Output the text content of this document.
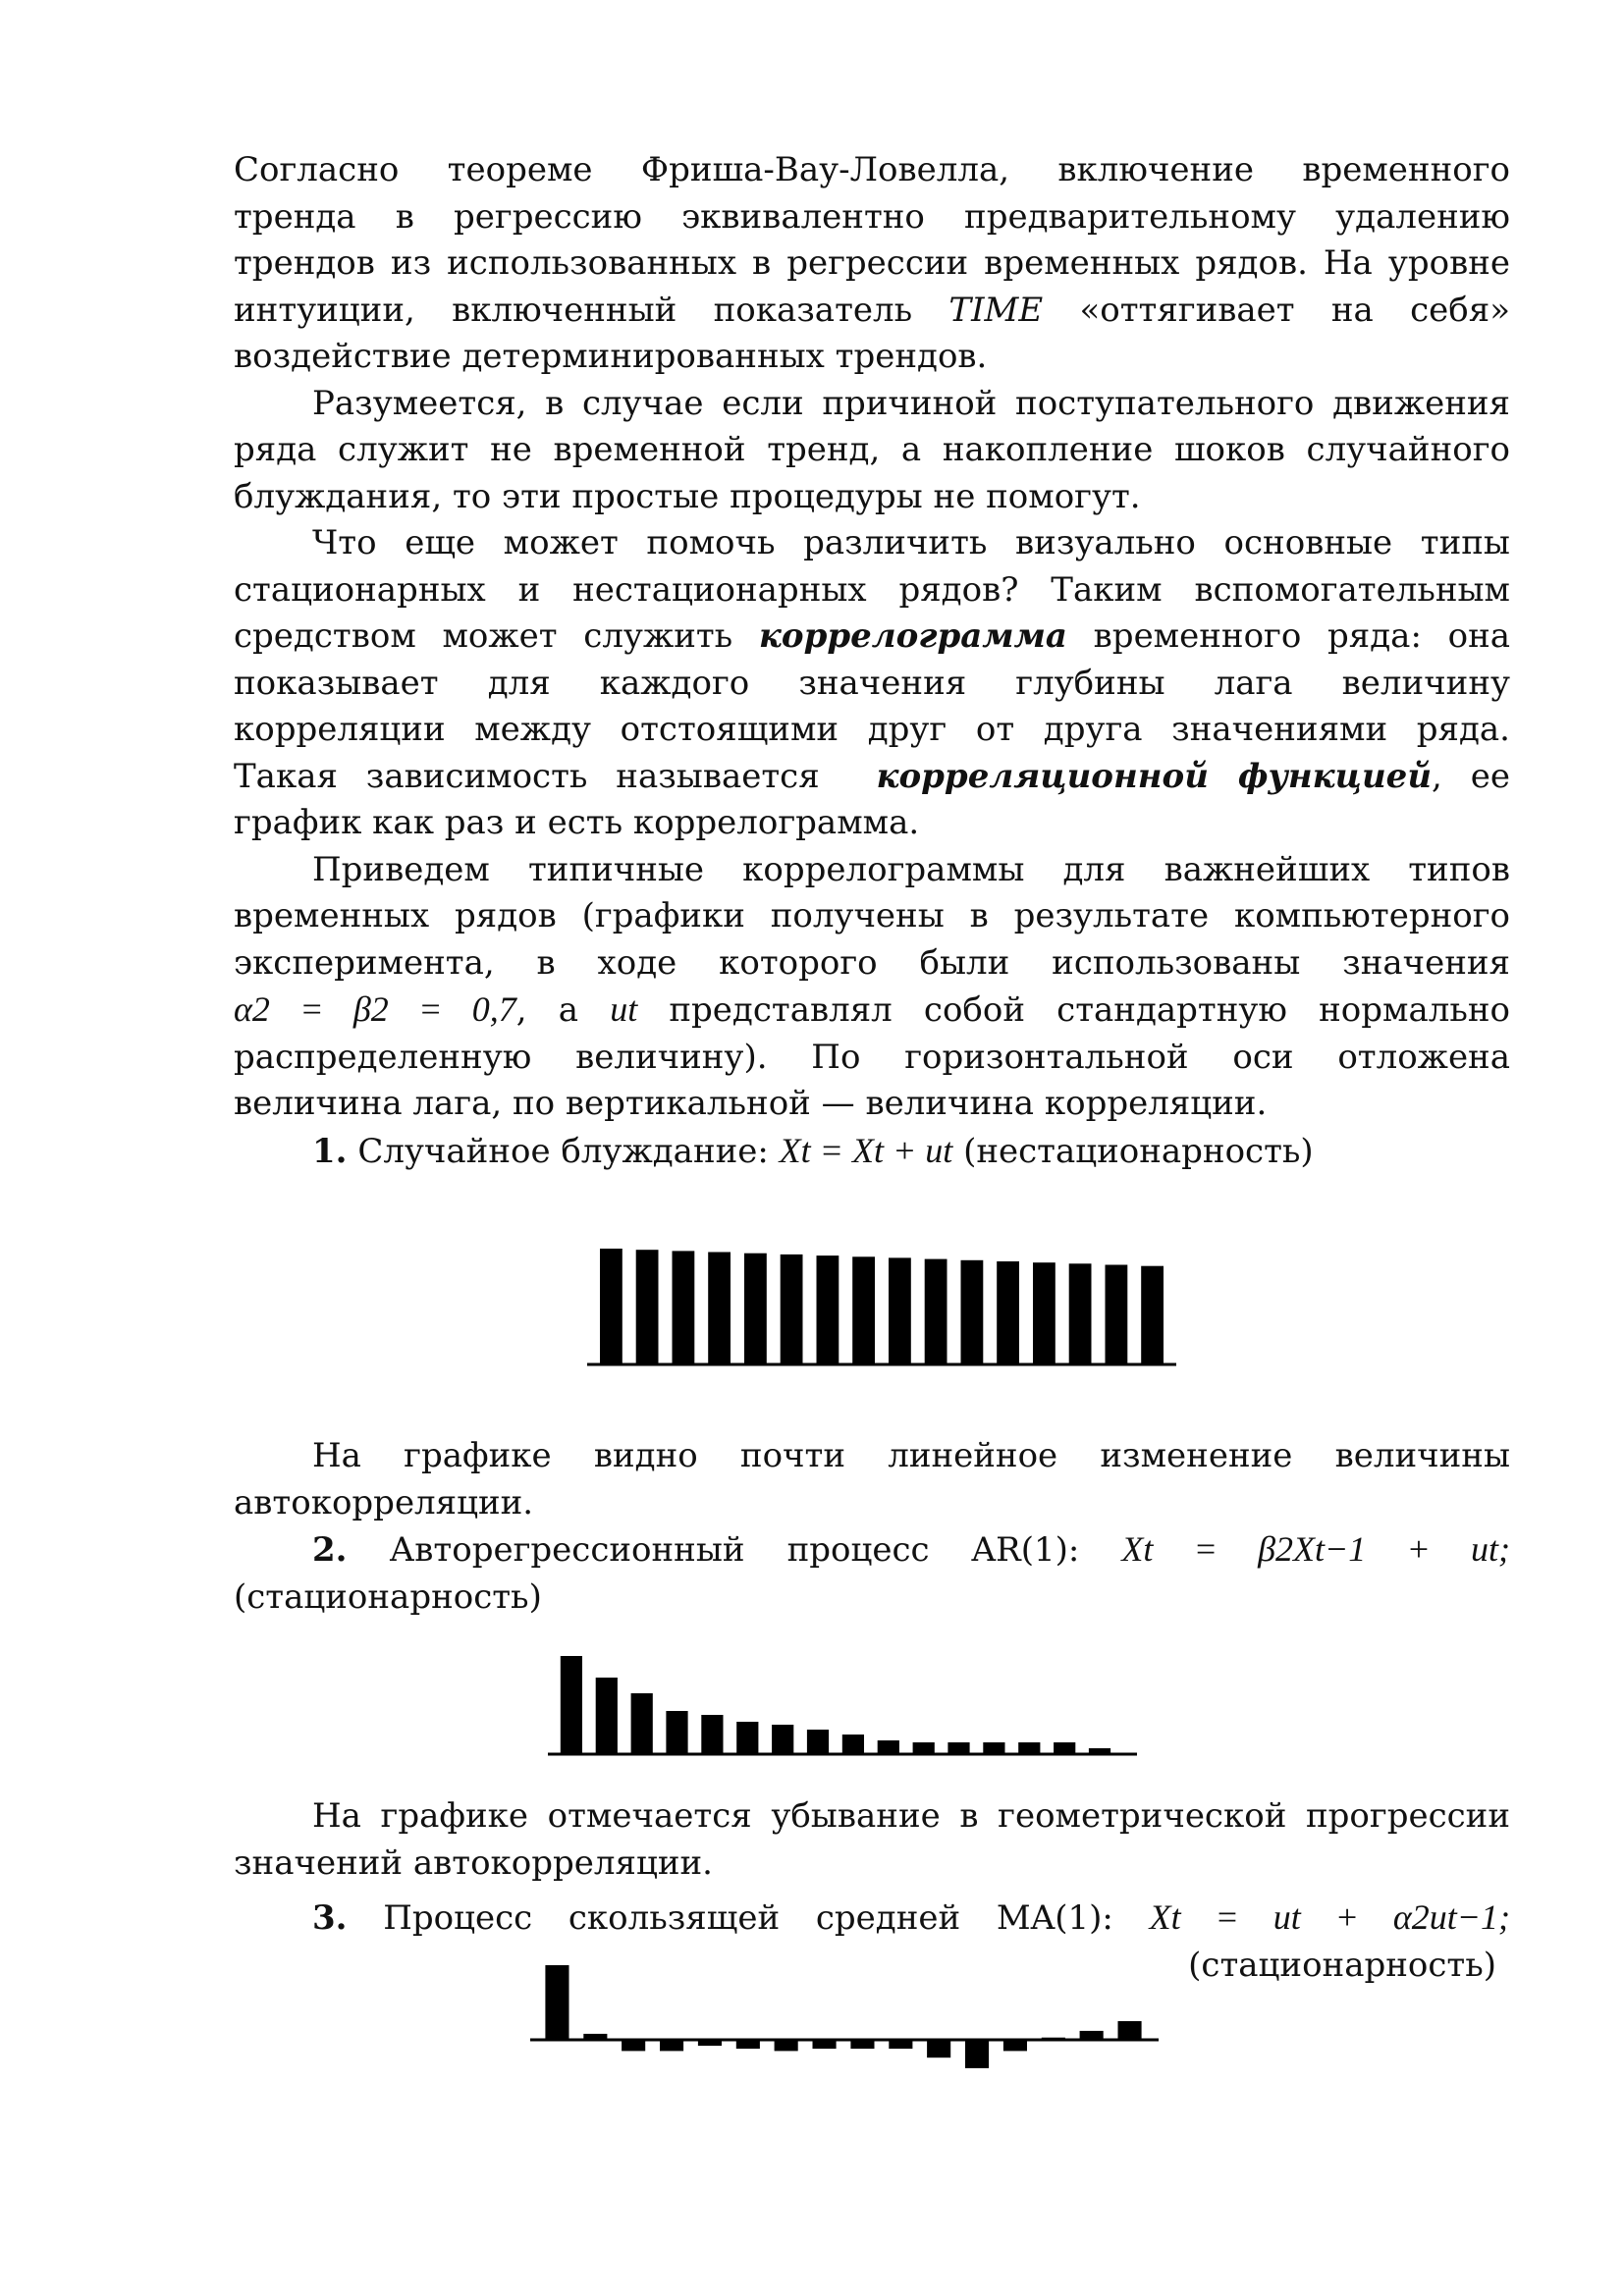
Согласно теореме Фриша-Вау-Ловелла, включение временного
тренда в регрессию эквивалентно предварительному удалению
трендов из использованных в регрессии временных рядов. На уровне
интуиции, включенный показатель TIME «оттягивает на себя»
воздействие детерминированных трендов.

Разумеется, в случае если причиной поступательного движения
ряда служит не временной тренд, а накопление шоков случайного
блуждания, то эти простые процедуры не помогут.

Что еще может помочь различить визуально основные типы
стационарных и нестационарных рядов? Таким вспомогательным
средством может служить коррелограмма временного ряда: она
показывает для каждого значения глубины лага величину
корреляции между отстоящими друг от друга значениями ряда.
Такая зависимость называется корреляционной функцией, ее
график как раз и есть коррелограмма.

Приведем типичные коррелограммы для важнейших типов
временных рядов (графики получены в результате компьютерного
эксперимента, в ходе которого были использованы значения
α2 = β2 = 0,7, а ut представлял собой стандартную нормально
распределенную величину). По горизонтальной оси отложена
величина лага, по вертикальной — величина корреляции.

1. Случайное блуждание: Xt = Xt + ut (нестационарность)

На графике видно почти линейное изменение величины
автокорреляции.

2. Авторегрессионный процесс AR(1): Xt = β2Xt−1 + ut;
(стационарность)

На графике отмечается убывание в геометрической прогрессии
значений автокорреляции.

3. Процесс скользящей средней MA(1): Xt = ut + α2ut−1;
(стационарность)
